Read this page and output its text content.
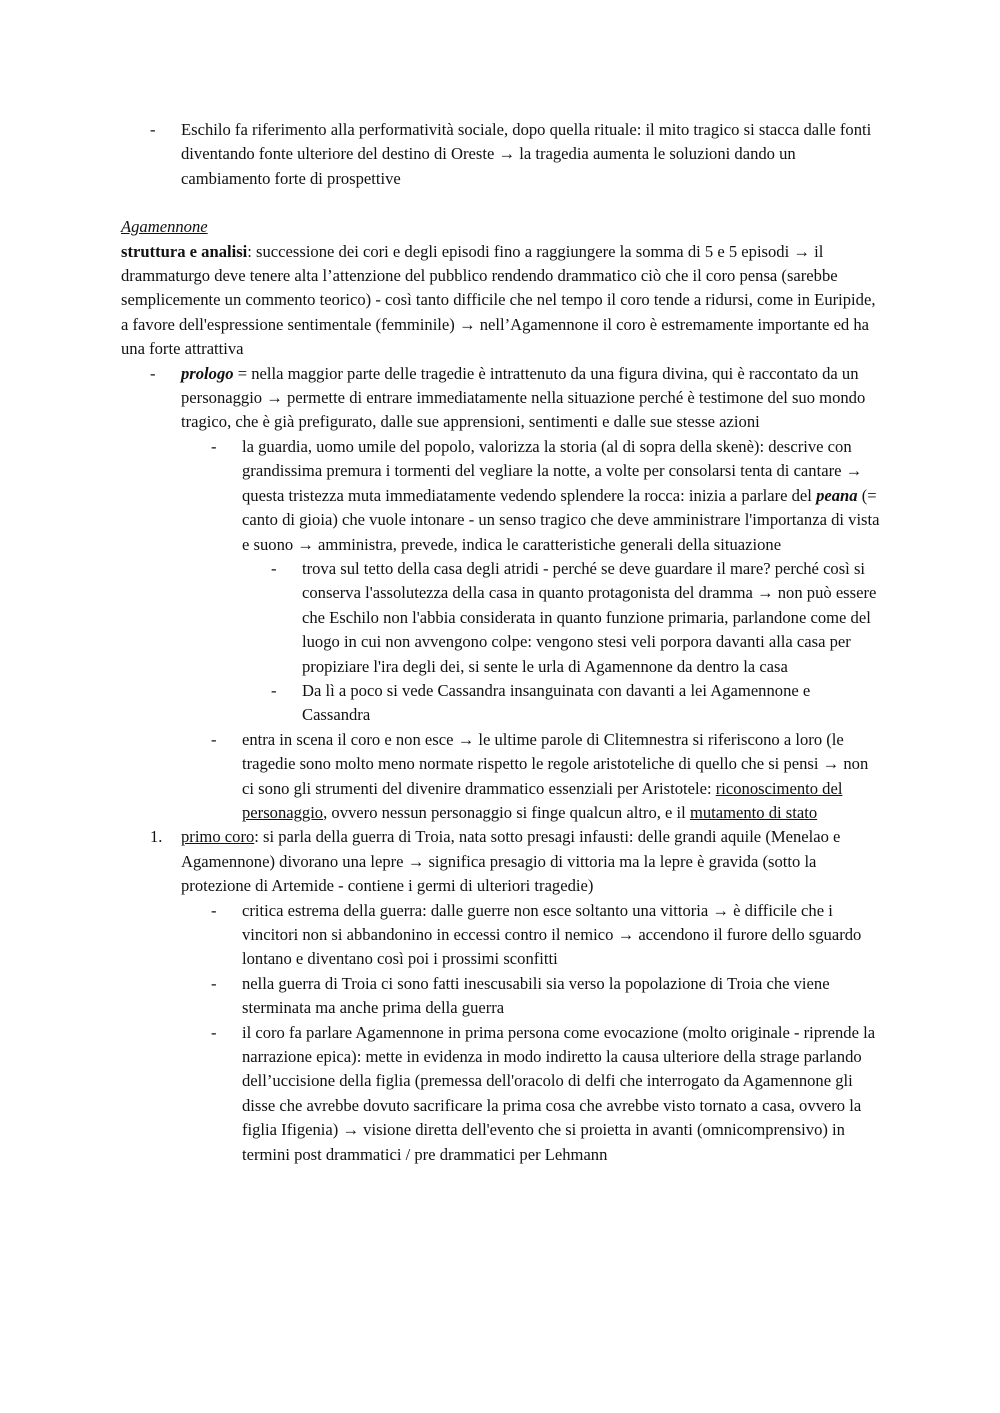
-	Eschilo fa riferimento alla performatività sociale, dopo quella rituale: il mito tragico si stacca dalle fonti diventando fonte ulteriore del destino di Oreste → la tragedia aumenta le soluzioni dando un cambiamento forte di prospettive
Agamennone
struttura e analisi: successione dei cori e degli episodi fino a raggiungere la somma di 5 e 5 episodi → il drammaturgo deve tenere alta l’attenzione del pubblico rendendo drammatico ciò che il coro pensa (sarebbe semplicemente un commento teorico) - così tanto difficile che nel tempo il coro tende a ridursi, come in Euripide, a favore dell'espressione sentimentale (femminile) → nell’Agamennone il coro è estremamente importante ed ha una forte attrattiva
-	prologo = nella maggior parte delle tragedie è intrattenuto da una figura divina, qui è raccontato da un personaggio → permette di entrare immediatamente nella situazione perché è testimone del suo mondo tragico, che è già prefigurato, dalle sue apprensioni, sentimenti e dalle sue stesse azioni
-	la guardia, uomo umile del popolo, valorizza la storia (al di sopra della skenè): descrive con grandissima premura i tormenti del vegliare la notte, a volte per consolarsi tenta di cantare → questa tristezza muta immediatamente vedendo splendere la rocca: inizia a parlare del peana (= canto di gioia) che vuole intonare - un senso tragico che deve amministrare l'importanza di vista e suono → amministra, prevede, indica le caratteristiche generali della situazione
-	trova sul tetto della casa degli atridi - perché se deve guardare il mare? perché così si conserva l'assolutezza della casa in quanto protagonista del dramma → non può essere che Eschilo non l'abbia considerata in quanto funzione primaria, parlandone come del luogo in cui non avvengono colpe: vengono stesi veli porpora davanti alla casa per propiziare l'ira degli dei, si sente le urla di Agamennone da dentro la casa
-	Da lì a poco si vede Cassandra insanguinata con davanti a lei Agamennone e Cassandra
-	entra in scena il coro e non esce → le ultime parole di Clitemnestra si riferiscono a loro (le tragedie sono molto meno normate rispetto le regole aristoteliche di quello che si pensi → non ci sono gli strumenti del divenire drammatico essenziali per Aristotele: riconoscimento del personaggio, ovvero nessun personaggio si finge qualcun altro, e il mutamento di stato
1.	primo coro: si parla della guerra di Troia, nata sotto presagi infausti: delle grandi aquile (Menelao e Agamennone) divorano una lepre → significa presagio di vittoria ma la lepre è gravida (sotto la protezione di Artemide - contiene i germi di ulteriori tragedie)
-	critica estrema della guerra: dalle guerre non esce soltanto una vittoria → è difficile che i vincitori non si abbandonino in eccessi contro il nemico → accendono il furore dello sguardo lontano e diventano così poi i prossimi sconfitti
-	nella guerra di Troia ci sono fatti inescusabili sia verso la popolazione di Troia che viene sterminata ma anche prima della guerra
-	il coro fa parlare Agamennone in prima persona come evocazione (molto originale - riprende la narrazione epica): mette in evidenza in modo indiretto la causa ulteriore della strage parlando dell’uccisione della figlia (premessa dell'oracolo di delfi che interrogato da Agamennone gli disse che avrebbe dovuto sacrificare la prima cosa che avrebbe visto tornato a casa, ovvero la figlia Ifigenia) → visione diretta dell'evento che si proietta in avanti (omnicomprensivo) in termini post drammatici / pre drammatici per Lehmann
